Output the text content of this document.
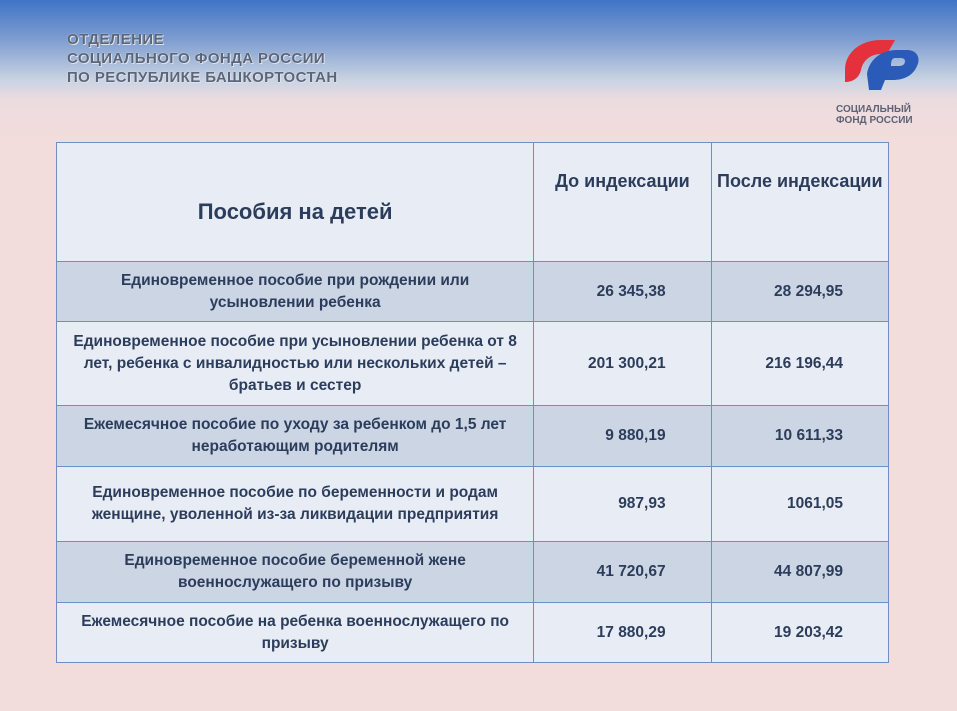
ОТДЕЛЕНИЕ
СОЦИАЛЬНОГО ФОНДА РОССИИ
ПО РЕСПУБЛИКЕ БАШКОРТОСТАН
СОЦИАЛЬНЫЙ
ФОНД РОССИИ
Пособия на детей	До индексации	После индексации
Единовременное пособие при рождении или усыновлении ребенка	26 345,38	28 294,95
Единовременное пособие при усыновлении ребенка от 8 лет, ребенка с инвалидностью или нескольких детей – братьев и сестер	201 300,21	216 196,44
Ежемесячное пособие по уходу за ребенком до 1,5 лет неработающим родителям	9 880,19	10 611,33
Единовременное пособие по беременности и родам женщине, уволенной из-за ликвидации предприятия	987,93	1061,05
Единовременное пособие беременной жене военнослужащего по призыву	41 720,67	44 807,99
Ежемесячное пособие на ребенка военнослужащего по призыву	17 880,29	19 203,42
